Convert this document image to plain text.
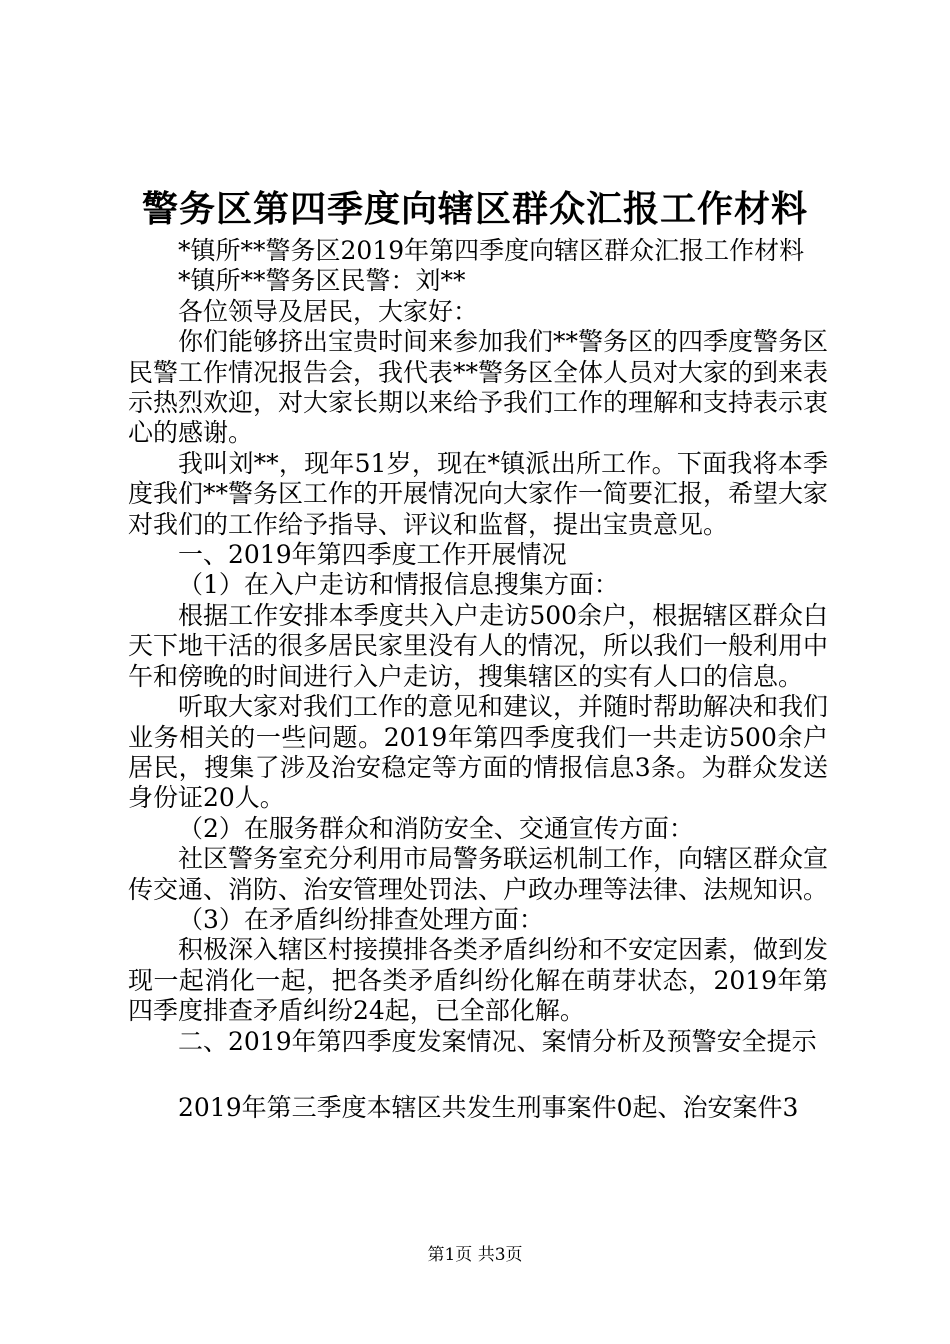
警务区第四季度向辖区群众汇报工作材料

*镇所**警务区2019年第四季度向辖区群众汇报工作材料

*镇所**警务区民警：刘**

各位领导及居民，大家好：

你们能够挤出宝贵时间来参加我们**警务区的四季度警务区民警工作情况报告会，我代表**警务区全体人员对大家的到来表示热烈欢迎，对大家长期以来给予我们工作的理解和支持表示衷心的感谢。

我叫刘**，现年51岁，现在*镇派出所工作。下面我将本季度我们**警务区工作的开展情况向大家作一简要汇报，希望大家对我们的工作给予指导、评议和监督，提出宝贵意见。

一、2019年第四季度工作开展情况

（1）在入户走访和情报信息搜集方面：

根据工作安排本季度共入户走访500余户，根据辖区群众白天下地干活的很多居民家里没有人的情况，所以我们一般利用中午和傍晚的时间进行入户走访，搜集辖区的实有人口的信息。

听取大家对我们工作的意见和建议，并随时帮助解决和我们业务相关的一些问题。2019年第四季度我们一共走访500余户居民，搜集了涉及治安稳定等方面的情报信息3条。为群众发送身份证20人。

（2）在服务群众和消防安全、交通宣传方面：

社区警务室充分利用市局警务联运机制工作，向辖区群众宣传交通、消防、治安管理处罚法、户政办理等法律、法规知识。

（3）在矛盾纠纷排查处理方面：

积极深入辖区村接摸排各类矛盾纠纷和不安定因素，做到发现一起消化一起，把各类矛盾纠纷化解在萌芽状态，2019年第四季度排查矛盾纠纷24起，已全部化解。

二、2019年第四季度发案情况、案情分析及预警安全提示

2019年第三季度本辖区共发生刑事案件0起、治安案件3

第1页 共3页
